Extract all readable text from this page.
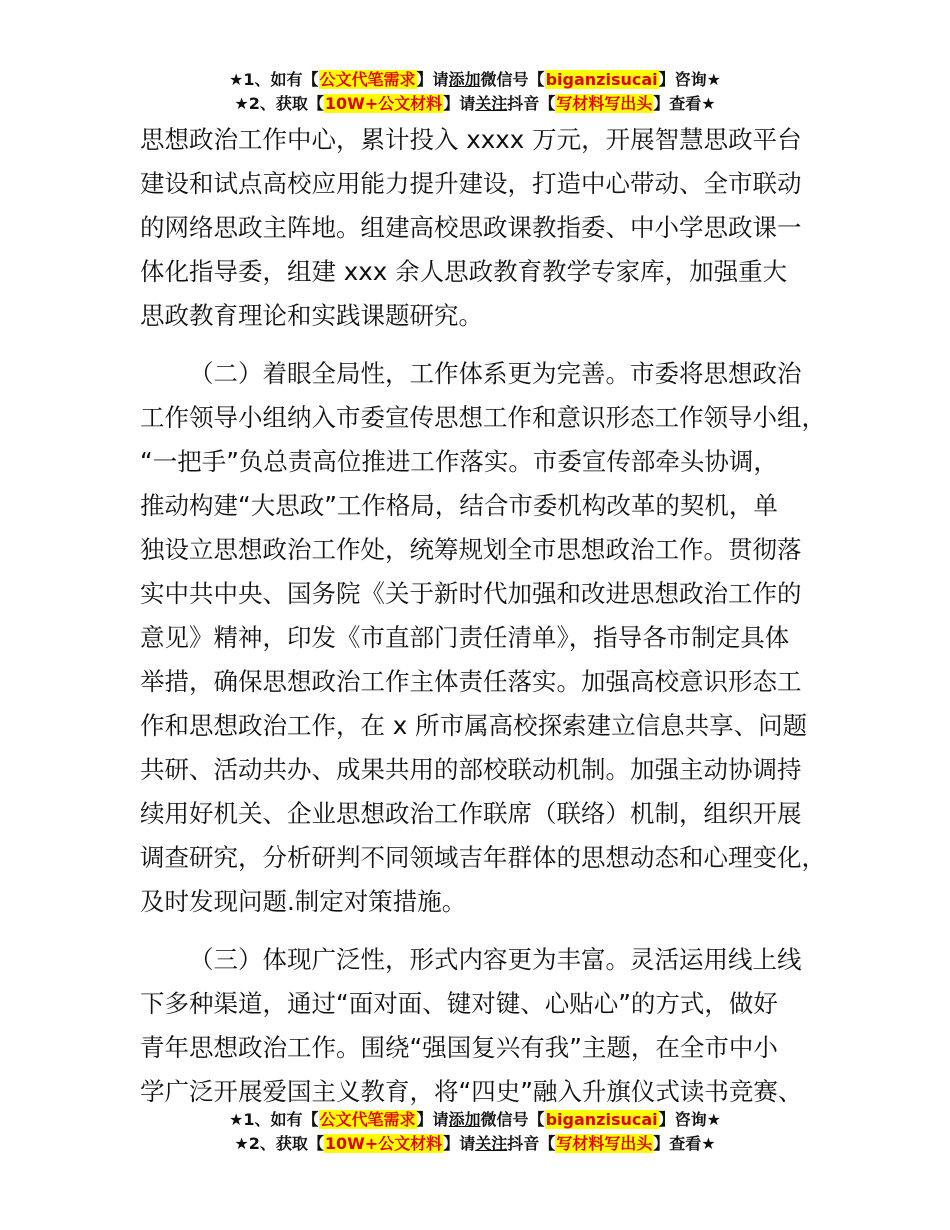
★1、如有【公文代笔需求】请添加微信号【biganzisucai】咨询★
★2、获取【10W+公文材料】请关注抖音【写材料写出头】查看★

思想政治工作中心，累计投入 xxxx 万元，开展智慧思政平台
建设和试点高校应用能力提升建设，打造中心带动、全市联动
的网络思政主阵地。组建高校思政课教指委、中小学思政课一
体化指导委，组建 xxx 余人思政教育教学专家库，加强重大
思政教育理论和实践课题研究。

（二）着眼全局性，工作体系更为完善。市委将思想政治
工作领导小组纳入市委宣传思想工作和意识形态工作领导小组，
“一把手”负总责高位推进工作落实。市委宣传部牵头协调，
推动构建“大思政”工作格局，结合市委机构改革的契机，单
独设立思想政治工作处，统筹规划全市思想政治工作。贯彻落
实中共中央、国务院《关于新时代加强和改进思想政治工作的
意见》精神，印发《市直部门责任清单》，指导各市制定具体
举措，确保思想政治工作主体责任落实。加强高校意识形态工
作和思想政治工作，在 x 所市属高校探索建立信息共享、问题
共研、活动共办、成果共用的部校联动机制。加强主动协调持
续用好机关、企业思想政治工作联席（联络）机制，组织开展
调查研究，分析研判不同领域吉年群体的思想动态和心理变化，
及时发现问题.制定对策措施。

（三）体现广泛性，形式内容更为丰富。灵活运用线上线
下多种渠道，通过“面对面、键对键、心贴心”的方式，做好
青年思想政治工作。围绕“强国复兴有我”主题，在全市中小
学广泛开展爱国主义教育，将“四史”融入升旗仪式读书竞赛、

★1、如有【公文代笔需求】请添加微信号【biganzisucai】咨询★
★2、获取【10W+公文材料】请关注抖音【写材料写出头】查看★
